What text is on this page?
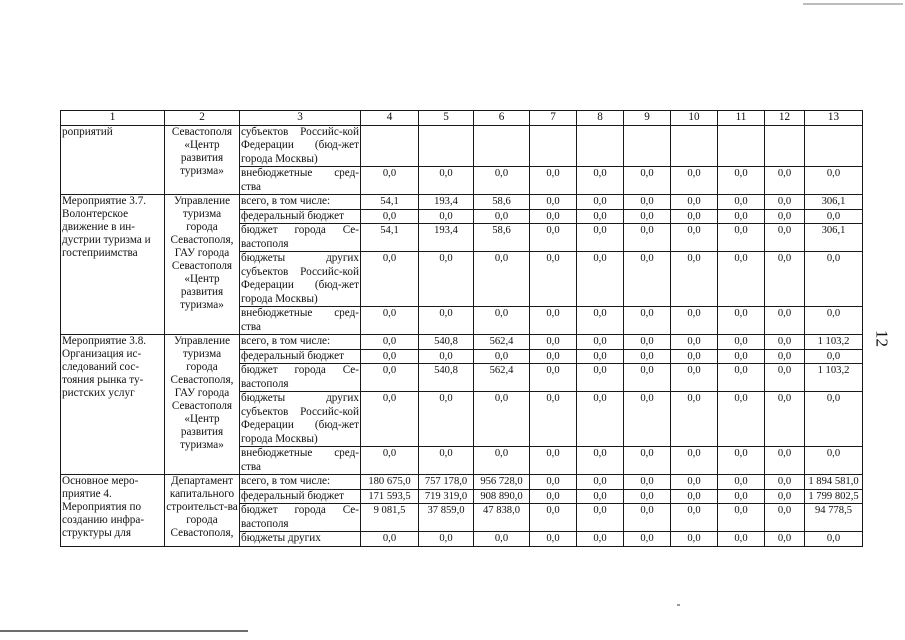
12
1	2	3	4	5	6	7	8	9	10	11	12	13
роприятий	Севастополя «Центр развития туризма»	субъектов Российс-кой Федерации (бюд-жет города Москвы)										
		внебюджетные сред-ства	0,0	0,0	0,0	0,0	0,0	0,0	0,0	0,0	0,0	0,0
Мероприятие 3.7. Волонтерское движение в ин-дустрии туризма и гостеприимства	Управление туризма города Севастополя, ГАУ города Севастополя «Центр развития туризма»	всего, в том числе:	54,1	193,4	58,6	0,0	0,0	0,0	0,0	0,0	0,0	306,1
		федеральный бюджет	0,0	0,0	0,0	0,0	0,0	0,0	0,0	0,0	0,0	0,0
		бюджет города Се-вастополя	54,1	193,4	58,6	0,0	0,0	0,0	0,0	0,0	0,0	306,1
		бюджеты других субъектов Российс-кой Федерации (бюд-жет города Москвы)	0,0	0,0	0,0	0,0	0,0	0,0	0,0	0,0	0,0	0,0
		внебюджетные сред-ства	0,0	0,0	0,0	0,0	0,0	0,0	0,0	0,0	0,0	0,0
Мероприятие 3.8. Организация ис-следований сос-тояния рынка ту-ристских услуг	Управление туризма города Севастополя, ГАУ города Севастополя «Центр развития туризма»	всего, в том числе:	0,0	540,8	562,4	0,0	0,0	0,0	0,0	0,0	0,0	1 103,2
		федеральный бюджет	0,0	0,0	0,0	0,0	0,0	0,0	0,0	0,0	0,0	0,0
		бюджет города Се-вастополя	0,0	540,8	562,4	0,0	0,0	0,0	0,0	0,0	0,0	1 103,2
		бюджеты других субъектов Российс-кой Федерации (бюд-жет города Москвы)	0,0	0,0	0,0	0,0	0,0	0,0	0,0	0,0	0,0	0,0
		внебюджетные сред-ства	0,0	0,0	0,0	0,0	0,0	0,0	0,0	0,0	0,0	0,0
Основное меро-приятие 4. Мероприятия по созданию инфра-структуры для	Департамент капитального строительст-ва города Севастополя,	всего, в том числе:	180 675,0	757 178,0	956 728,0	0,0	0,0	0,0	0,0	0,0	0,0	1 894 581,0
		федеральный бюджет	171 593,5	719 319,0	908 890,0	0,0	0,0	0,0	0,0	0,0	0,0	1 799 802,5
		бюджет города Се-вастополя	9 081,5	37 859,0	47 838,0	0,0	0,0	0,0	0,0	0,0	0,0	94 778,5
		бюджеты других	0,0	0,0	0,0	0,0	0,0	0,0	0,0	0,0	0,0	0,0
